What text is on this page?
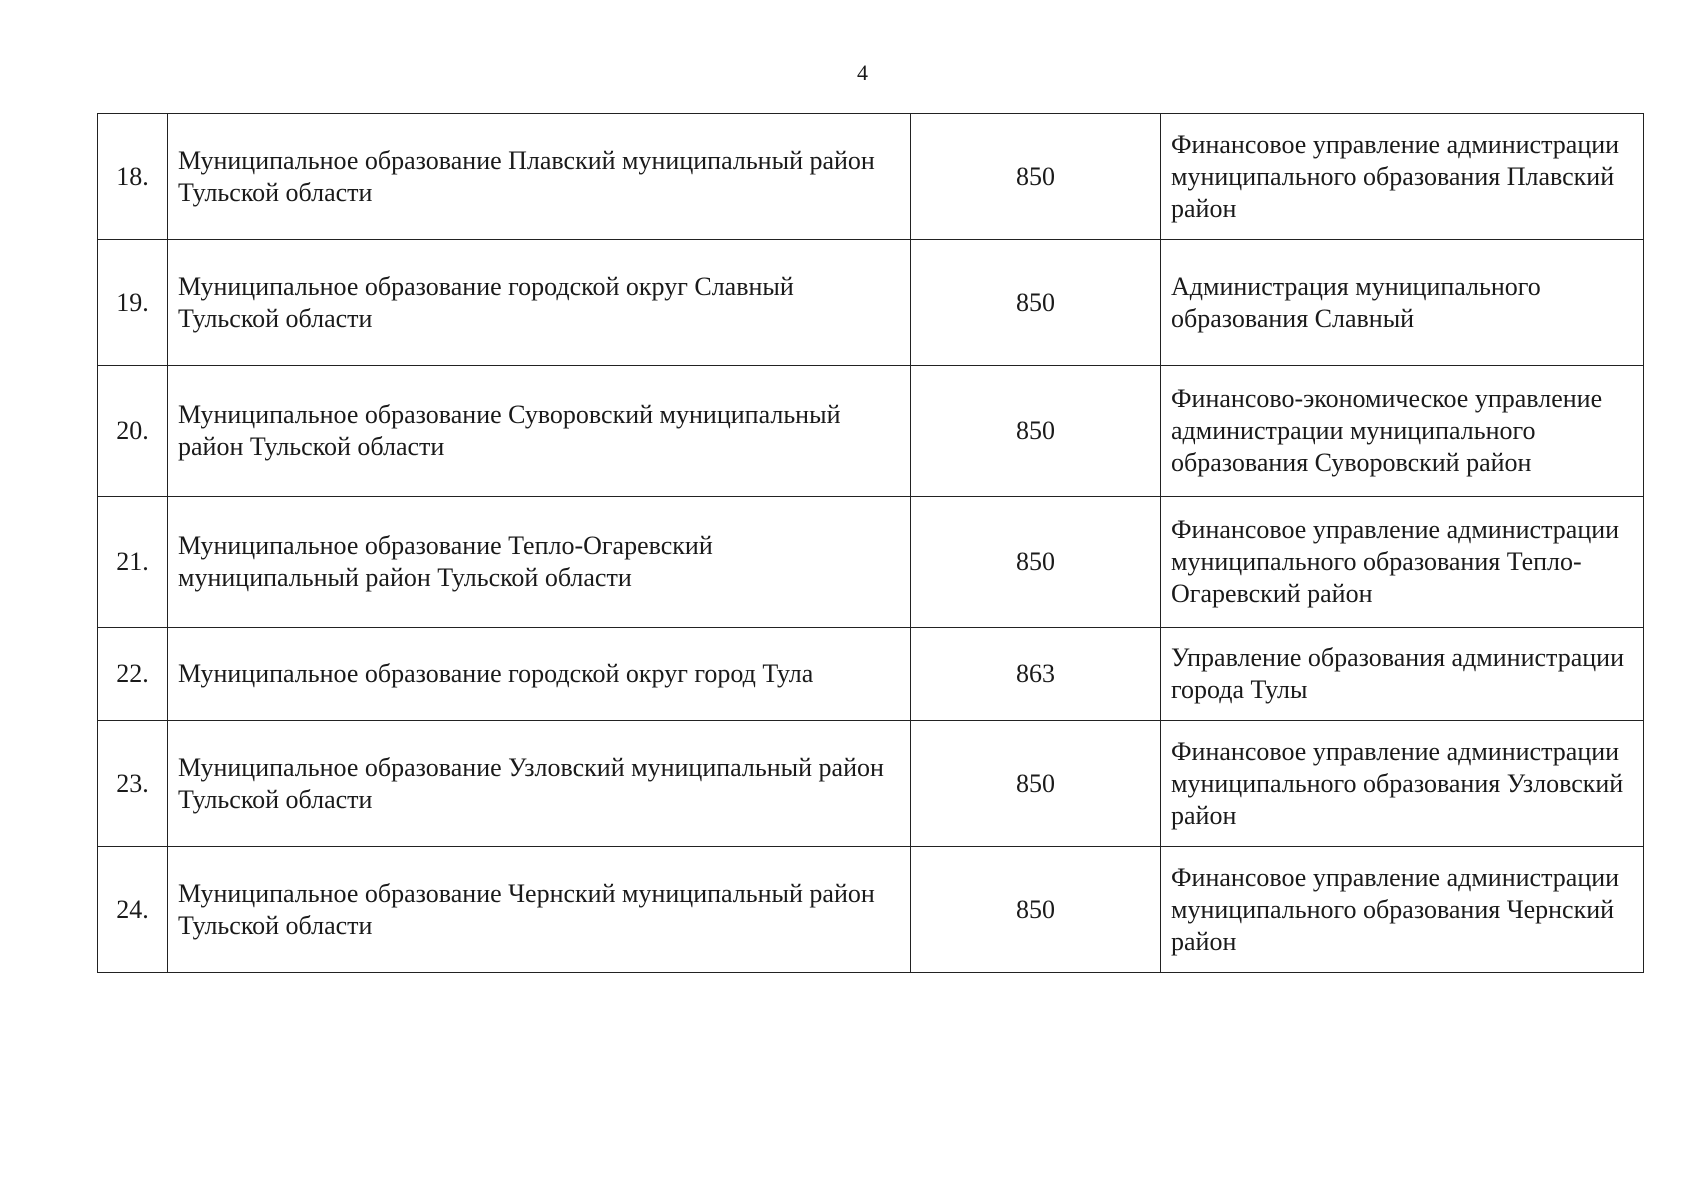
4
18.	Муниципальное образование Плавский муниципальный район Тульской области	850	Финансовое управление администрации муниципального образования Плавский район
19.	Муниципальное образование городской округ Славный Тульской области	850	Администрация муниципального образования Славный
20.	Муниципальное образование Суворовский муниципальный район Тульской области	850	Финансово-экономическое управление администрации муниципального образования Суворовский район
21.	Муниципальное образование Тепло-Огаревский муниципальный район Тульской области	850	Финансовое управление администрации муниципального образования Тепло-Огаревский район
22.	Муниципальное образование городской округ город Тула	863	Управление образования администрации города Тулы
23.	Муниципальное образование Узловский муниципальный район Тульской области	850	Финансовое управление администрации муниципального образования Узловский район
24.	Муниципальное образование Чернский муниципальный район Тульской области	850	Финансовое управление администрации муниципального образования Чернский район
